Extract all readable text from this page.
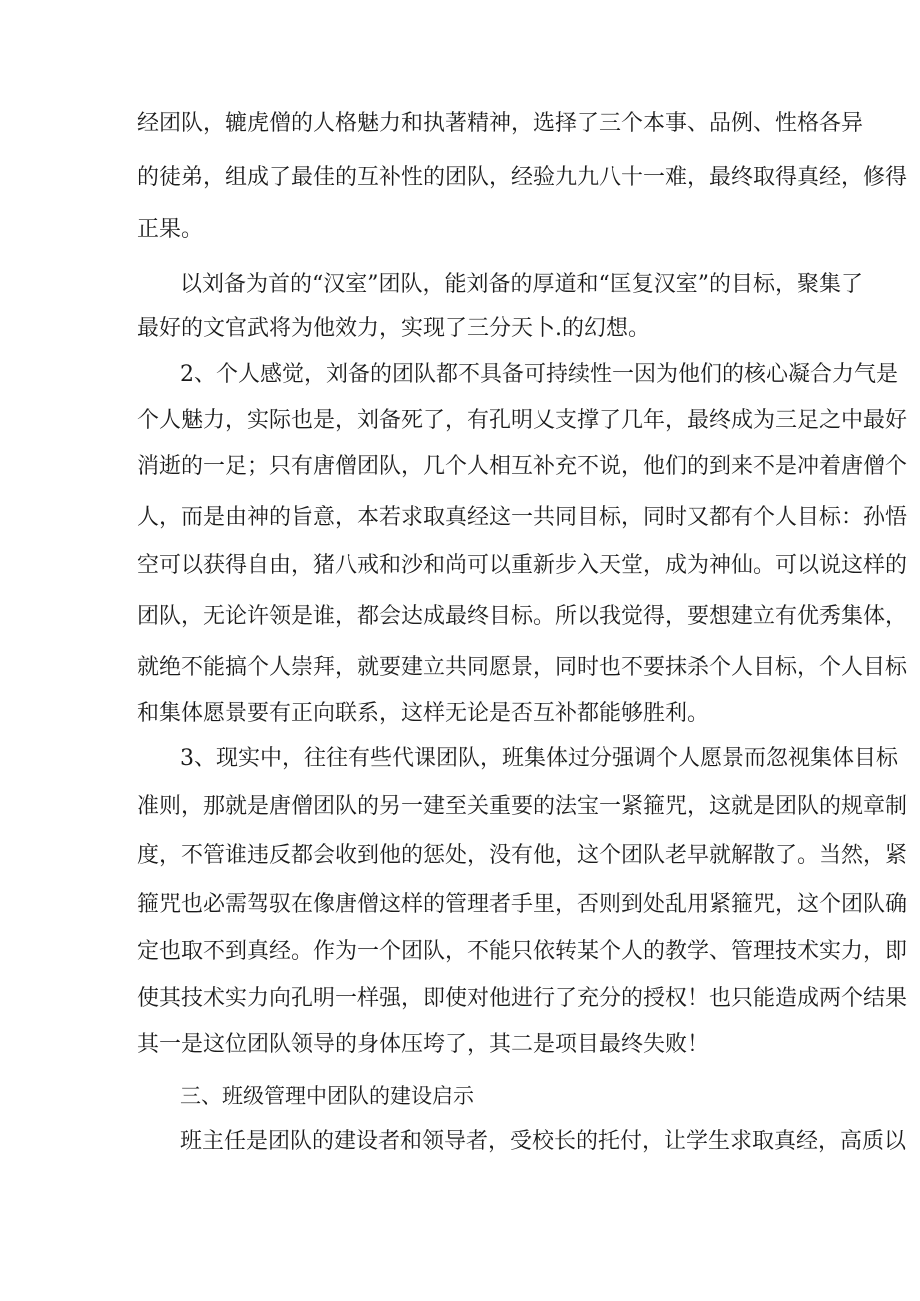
经团队，辘虎僧的人格魅力和执著精神，选择了三个本事、品例、性格各异
的徒弟，组成了最佳的互补性的团队，经验九九八十一难，最终取得真经，修得
正果。
以刘备为首的“汉室”团队，能刘备的厚道和“匡复汉室”的目标，聚集了
最好的文官武将为他效力，实现了三分天卜.的幻想。
2、个人感觉，刘备的团队都不具备可持续性一因为他们的核心凝合力气是
个人魅力，实际也是，刘备死了，有孔明乂支撑了几年，最终成为三足之中最好
消逝的一足；只有唐僧团队，几个人相互补充不说，他们的到来不是冲着唐僧个
人，而是由神的旨意，本若求取真经这一共同目标，同时又都有个人目标：孙悟
空可以获得自由，猪八戒和沙和尚可以重新步入天堂，成为神仙。可以说这样的
团队，无论许领是谁，都会达成最终目标。所以我觉得，要想建立有优秀集体，
就绝不能搞个人崇拜，就要建立共同愿景，同时也不要抹杀个人目标，个人目标
和集体愿景要有正向联系，这样无论是否互补都能够胜利。
3、现实中，往往有些代课团队，班集体过分强调个人愿景而忽视集体目标
准则，那就是唐僧团队的另一建至关重要的法宝一紧箍咒，这就是团队的规章制
度，不管谁违反都会收到他的惩处，没有他，这个团队老早就解散了。当然，紧
箍咒也必需驾驭在像唐僧这样的管理者手里，否则到处乱用紧箍咒，这个团队确
定也取不到真经。作为一个团队，不能只依转某个人的教学、管理技术实力，即
使其技术实力向孔明一样强，即使对他进行了充分的授权！也只能造成两个结果
其一是这位团队领导的身体压垮了，其二是项目最终失败！
三、班级管理中团队的建设启示
班主任是团队的建设者和领导者，受校长的托付，让学生求取真经，高质以
